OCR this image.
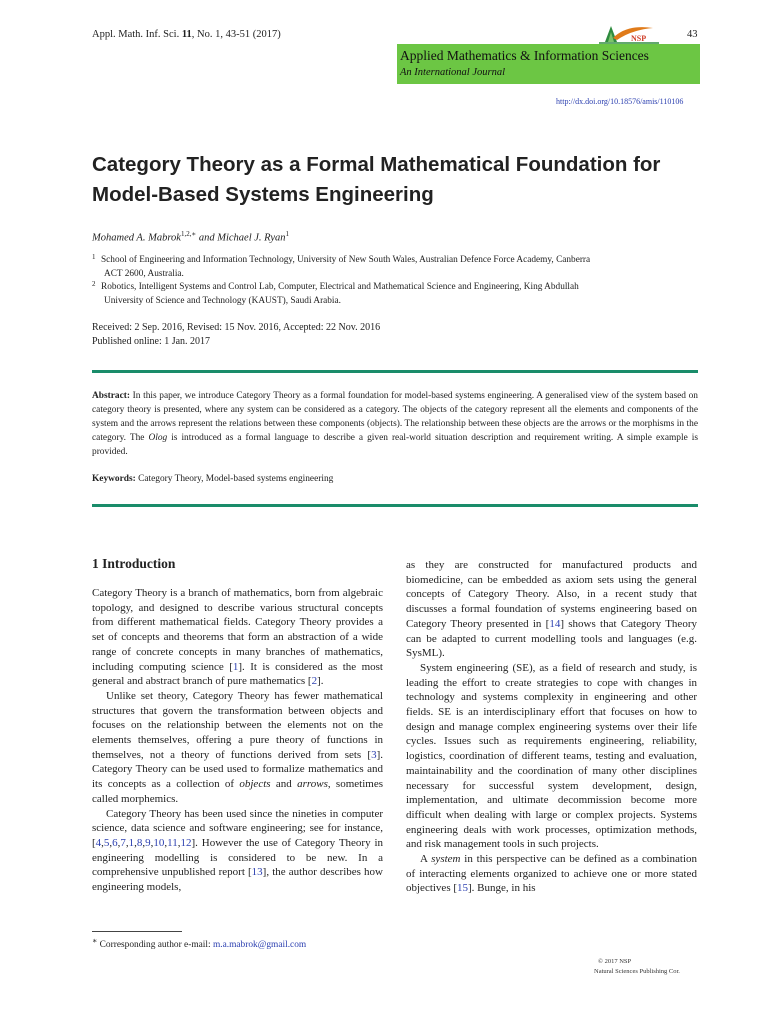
Appl. Math. Inf. Sci. 11, No. 1, 43-51 (2017)	NSP	43
Applied Mathematics & Information Sciences
An International Journal
http://dx.doi.org/10.18576/amis/110106
Category Theory as a Formal Mathematical Foundation for Model-Based Systems Engineering
Mohamed A. Mabrok$^{1,2,∗}$ and Michael J. Ryan$^1$
1 School of Engineering and Information Technology, University of New South Wales, Australian Defence Force Academy, Canberra
ACT 2600, Australia.
2 Robotics, Intelligent Systems and Control Lab, Computer, Electrical and Mathematical Science and Engineering, King Abdullah
University of Science and Technology (KAUST), Saudi Arabia.
Received: 2 Sep. 2016, Revised: 15 Nov. 2016, Accepted: 22 Nov. 2016
Published online: 1 Jan. 2017
Abstract: In this paper, we introduce Category Theory as a formal foundation for model-based systems engineering. A generalised view of the system based on category theory is presented, where any system can be considered as a category. The objects of the category represent all the elements and components of the system and the arrows represent the relations between these components (objects). The relationship between these objects are the arrows or the morphisms in the category. The Olog is introduced as a formal language to describe a given real-world situation description and requirement writing. A simple example is provided.
Keywords: Category Theory, Model-based systems engineering
1 Introduction

Category Theory is a branch of mathematics, born from algebraic topology, and designed to describe various structural concepts from different mathematical fields. Category Theory provides a set of concepts and theorems that form an abstraction of a wide range of concrete concepts in many branches of mathematics, including computing science [1]. It is considered as the most general and abstract branch of pure mathematics [2].

Unlike set theory, Category Theory has fewer mathematical structures that govern the transformation between objects and focuses on the relationship between the elements not on the elements themselves, offering a pure theory of functions in themselves, not a theory of functions derived from sets [3]. Category Theory can be used used to formalize mathematics and its concepts as a collection of objects and arrows, sometimes called morphemics.

Category Theory has been used since the nineties in computer science, data science and software engineering; see for instance, [4,5,6,7,1,8,9,10,11,12]. However the use of Category Theory in engineering modelling is considered to be new. In a comprehensive unpublished report [13], the author describes how engineering models,

as they are constructed for manufactured products and biomedicine, can be embedded as axiom sets using the general concepts of Category Theory. Also, in a recent study that discusses a formal foundation of systems engineering based on Category Theory presented in [14] shows that Category Theory can be adapted to current modelling tools and languages (e.g. SysML).

System engineering (SE), as a field of research and study, is leading the effort to create strategies to cope with changes in technology and systems complexity in engineering and other fields. SE is an interdisciplinary effort that focuses on how to design and manage complex engineering systems over their life cycles. Issues such as requirements engineering, reliability, logistics, coordination of different teams, testing and evaluation, maintainability and the coordination of many other disciplines necessary for successful system development, design, implementation, and ultimate decommission become more difficult when dealing with large or complex projects. Systems engineering deals with work processes, optimization methods, and risk management tools in such projects.

A system in this perspective can be defined as a combination of interacting elements organized to achieve one or more stated objectives [15]. Bunge, in his

∗ Corresponding author e-mail: m.a.mabrok@gmail.com
© 2017 NSP
Natural Sciences Publishing Cor.
